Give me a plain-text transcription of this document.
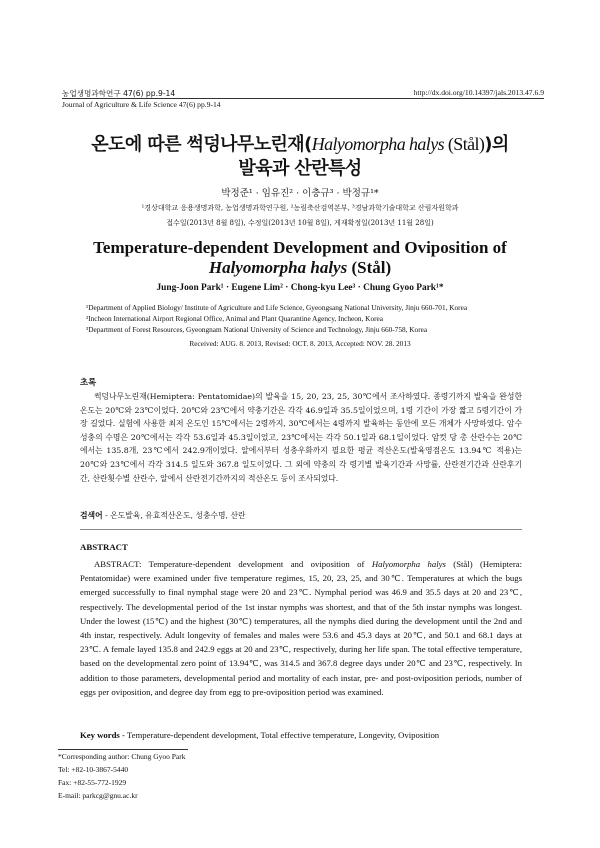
농업생명과학연구 47(6) pp.9-14	http://dx.doi.org/10.14397/jals.2013.47.6.9
Journal of Agriculture & Life Science 47(6) pp.9-14
온도에 따른 썩덩나무노린재(Halyomorpha halys (Stål))의
발육과 산란특성
박정준¹ · 임유진² · 이충규³ · 박정규¹*
¹경상대학교 응용생명과학, 농업생명과학연구원, ²농림축산검역본부, ³경남과학기술대학교 산림자원학과
접수일(2013년 8월 8일), 수정일(2013년 10월 8일), 게재확정일(2013년 11월 28일)
Temperature-dependent Development and Oviposition of
Halyomorpha halys (Stål)
Jung-Joon Park¹ · Eugene Lim² · Chong-kyu Lee³ · Chung Gyoo Park¹*
¹Department of Applied Biology/ Institute of Agriculture and Life Science, Gyeongsang National University, Jinju 660-701, Korea
²Incheon International Airport Regional Office, Animal and Plant Quarantine Agency, Incheon, Korea
³Department of Forest Resources, Gyeongnam National University of Science and Technology, Jinju 660-758, Korea
Received: AUG. 8. 2013, Revised: OCT. 8. 2013, Accepted: NOV. 28. 2013
초록
썩덩나무노린재(Hemiptera: Pentatomidae)의 발육을 15, 20, 23, 25, 30℃에서 조사하였다. 종령기까지 발육을 완성한 온도는 20℃와 23℃이었다. 20℃와 23℃에서 약충기간은 각각 46.9일과 35.5일이었으며, 1령 기간이 가장 짧고 5령기간이 가장 길었다. 실험에 사용한 최저 온도인 15℃에서는 2령까지, 30℃에서는 4령까지 발육하는 동안에 모든 개체가 사망하였다. 암수 성충의 수명은 20℃에서는 각각 53.6일과 45.3일이었고, 23℃에서는 각각 50.1일과 68.1일이었다. 암컷 당 총 산란수는 20℃에서는 135.8개, 23℃에서 242.9개이었다. 알에서부터 성충우화까지 필요한 평균 적산온도(발육영점온도 13.94℃ 적용)는 20℃와 23℃에서 각각 314.5 일도와 367.8 일도이었다. 그 외에 약충의 각 령기별 발육기간과 사망률, 산란전기간과 산란후기간, 산란횟수별 산란수, 알에서 산란전기간까지의 적산온도 등이 조사되었다.
검색어 - 온도발육, 유효적산온도, 성충수명, 산란
ABSTRACT
ABSTRACT: Temperature-dependent development and oviposition of Halyomorpha halys (Stål) (Hemiptera: Pentatomidae) were examined under five temperature regimes, 15, 20, 23, 25, and 30℃. Temperatures at which the bugs emerged successfully to final nymphal stage were 20 and 23℃. Nymphal period was 46.9 and 35.5 days at 20 and 23℃, respectively. The developmental period of the 1st instar nymphs was shortest, and that of the 5th instar nymphs was longest. Under the lowest (15℃) and the highest (30℃) temperatures, all the nymphs died during the development until the 2nd and 4th instar, respectively. Adult longevity of females and males were 53.6 and 45.3 days at 20℃, and 50.1 and 68.1 days at 23℃. A female layed 135.8 and 242.9 eggs at 20 and 23℃, respectively, during her life span. The total effective temperature, based on the developmental zero point of 13.94℃, was 314.5 and 367.8 degree days under 20℃ and 23℃, respectively. In addition to those parameters, developmental period and mortality of each instar, pre- and post-oviposition periods, number of eggs per oviposition, and degree day from egg to pre-oviposition period was examined.
Key words - Temperature-dependent development, Total effective temperature, Longevity, Oviposition
*Corresponding author: Chung Gyoo Park
Tel: +82-10-3867-5440
Fax: +82-55-772-1929
E-mail: parkcg@gnu.ac.kr
